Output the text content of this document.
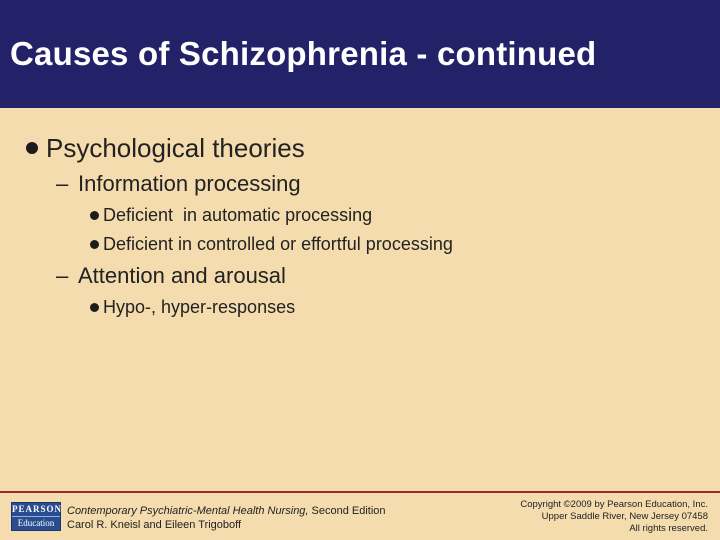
Causes of Schizophrenia - continued
Psychological theories
– Information processing
Deficient  in automatic processing
Deficient in controlled or effortful processing
– Attention and arousal
Hypo-, hyper-responses
PEARSON
Education
Contemporary Psychiatric-Mental Health Nursing, Second Edition
Carol R. Kneisl and Eileen Trigoboff
Copyright ©2009 by Pearson Education, Inc.
Upper Saddle River, New Jersey 07458
All rights reserved.
